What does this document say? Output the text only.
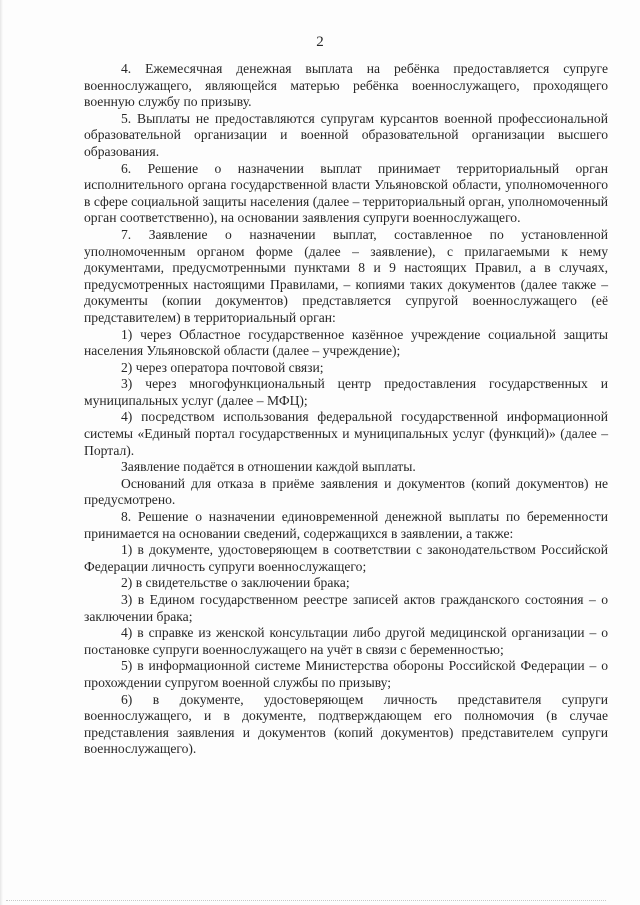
2

4. Ежемесячная денежная выплата на ребёнка предоставляется супруге военнослужащего, являющейся матерью ребёнка военнослужащего, проходящего военную службу по призыву.

5. Выплаты не предоставляются супругам курсантов военной профессиональной образовательной организации и военной образовательной организации высшего образования.

6. Решение о назначении выплат принимает территориальный орган исполнительного органа государственной власти Ульяновской области, уполномоченного в сфере социальной защиты населения (далее – территориальный орган, уполномоченный орган соответственно), на основании заявления супруги военнослужащего.

7. Заявление о назначении выплат, составленное по установленной уполномоченным органом форме (далее – заявление), с прилагаемыми к нему документами, предусмотренными пунктами 8 и 9 настоящих Правил, а в случаях, предусмотренных настоящими Правилами, – копиями таких документов (далее также – документы (копии документов) представляется супругой военнослужащего (её представителем) в территориальный орган:

1) через Областное государственное казённое учреждение социальной защиты населения Ульяновской области (далее – учреждение);

2) через оператора почтовой связи;

3) через многофункциональный центр предоставления государственных и муниципальных услуг (далее – МФЦ);

4) посредством использования федеральной государственной информационной системы «Единый портал государственных и муниципальных услуг (функций)» (далее – Портал).

Заявление подаётся в отношении каждой выплаты.

Оснований для отказа в приёме заявления и документов (копий документов) не предусмотрено.

8. Решение о назначении единовременной денежной выплаты по беременности принимается на основании сведений, содержащихся в заявлении, а также:

1) в документе, удостоверяющем в соответствии с законодательством Российской Федерации личность супруги военнослужащего;

2) в свидетельстве о заключении брака;

3) в Едином государственном реестре записей актов гражданского состояния – о заключении брака;

4) в справке из женской консультации либо другой медицинской организации – о постановке супруги военнослужащего на учёт в связи с беременностью;

5) в информационной системе Министерства обороны Российской Федерации – о прохождении супругом военной службы по призыву;

6) в документе, удостоверяющем личность представителя супруги военнослужащего, и в документе, подтверждающем его полномочия (в случае представления заявления и документов (копий документов) представителем супруги военнослужащего).
